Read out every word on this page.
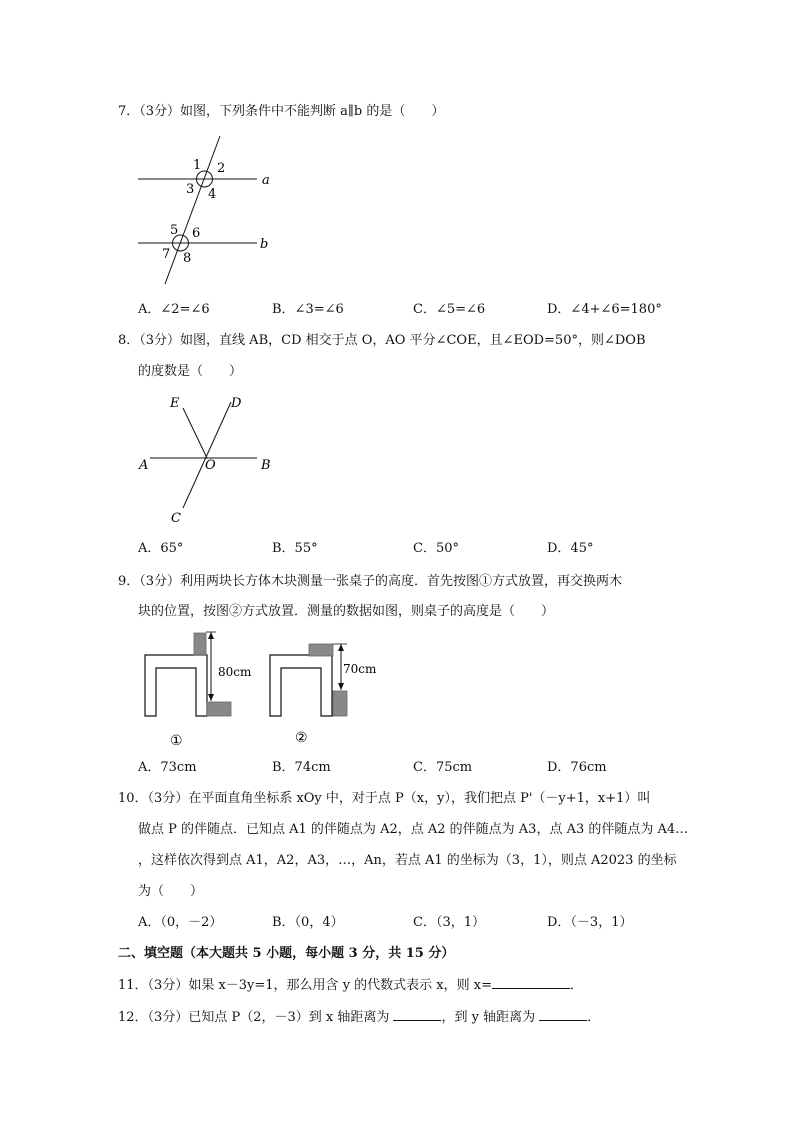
7．（3分）如图，下列条件中不能判断 a∥b 的是（　　）
1 2
3 4
5 6
7 8
a
b
A．∠2=∠6	B．∠3=∠6	C．∠5=∠6	D．∠4+∠6=180°
8．（3分）如图，直线 AB，CD 相交于点 O，AO 平分∠COE，且∠EOD=50°，则∠DOB
的度数是（　　）
E	D
A	O	B
C
A．65°	B．55°	C．50°	D．45°
9．（3分）利用两块长方体木块测量一张桌子的高度．首先按图①方式放置，再交换两木
块的位置，按图②方式放置．测量的数据如图，则桌子的高度是（　　）
80cm
①
70cm
②
A．73cm	B．74cm	C．75cm	D．76cm
10．（3分）在平面直角坐标系 xOy 中，对于点 P（x，y），我们把点 P'（－y+1，x+1）叫
做点 P 的伴随点．已知点 A1 的伴随点为 A2，点 A2 的伴随点为 A3，点 A3 的伴随点为 A4…
，这样依次得到点 A1，A2，A3，…，An，若点 A1 的坐标为（3，1），则点 A2023 的坐标
为（　　）
A．（0，－2）	B．（0，4）	C．（3，1）	D．（－3，1）
二、填空题（本大题共 5 小题，每小题 3 分，共 15 分）
11．（3分）如果 x－3y=1，那么用含 y 的代数式表示 x，则 x=	．
12．（3分）已知点 P（2，－3）到 x 轴距离为	，到 y 轴距离为	．
